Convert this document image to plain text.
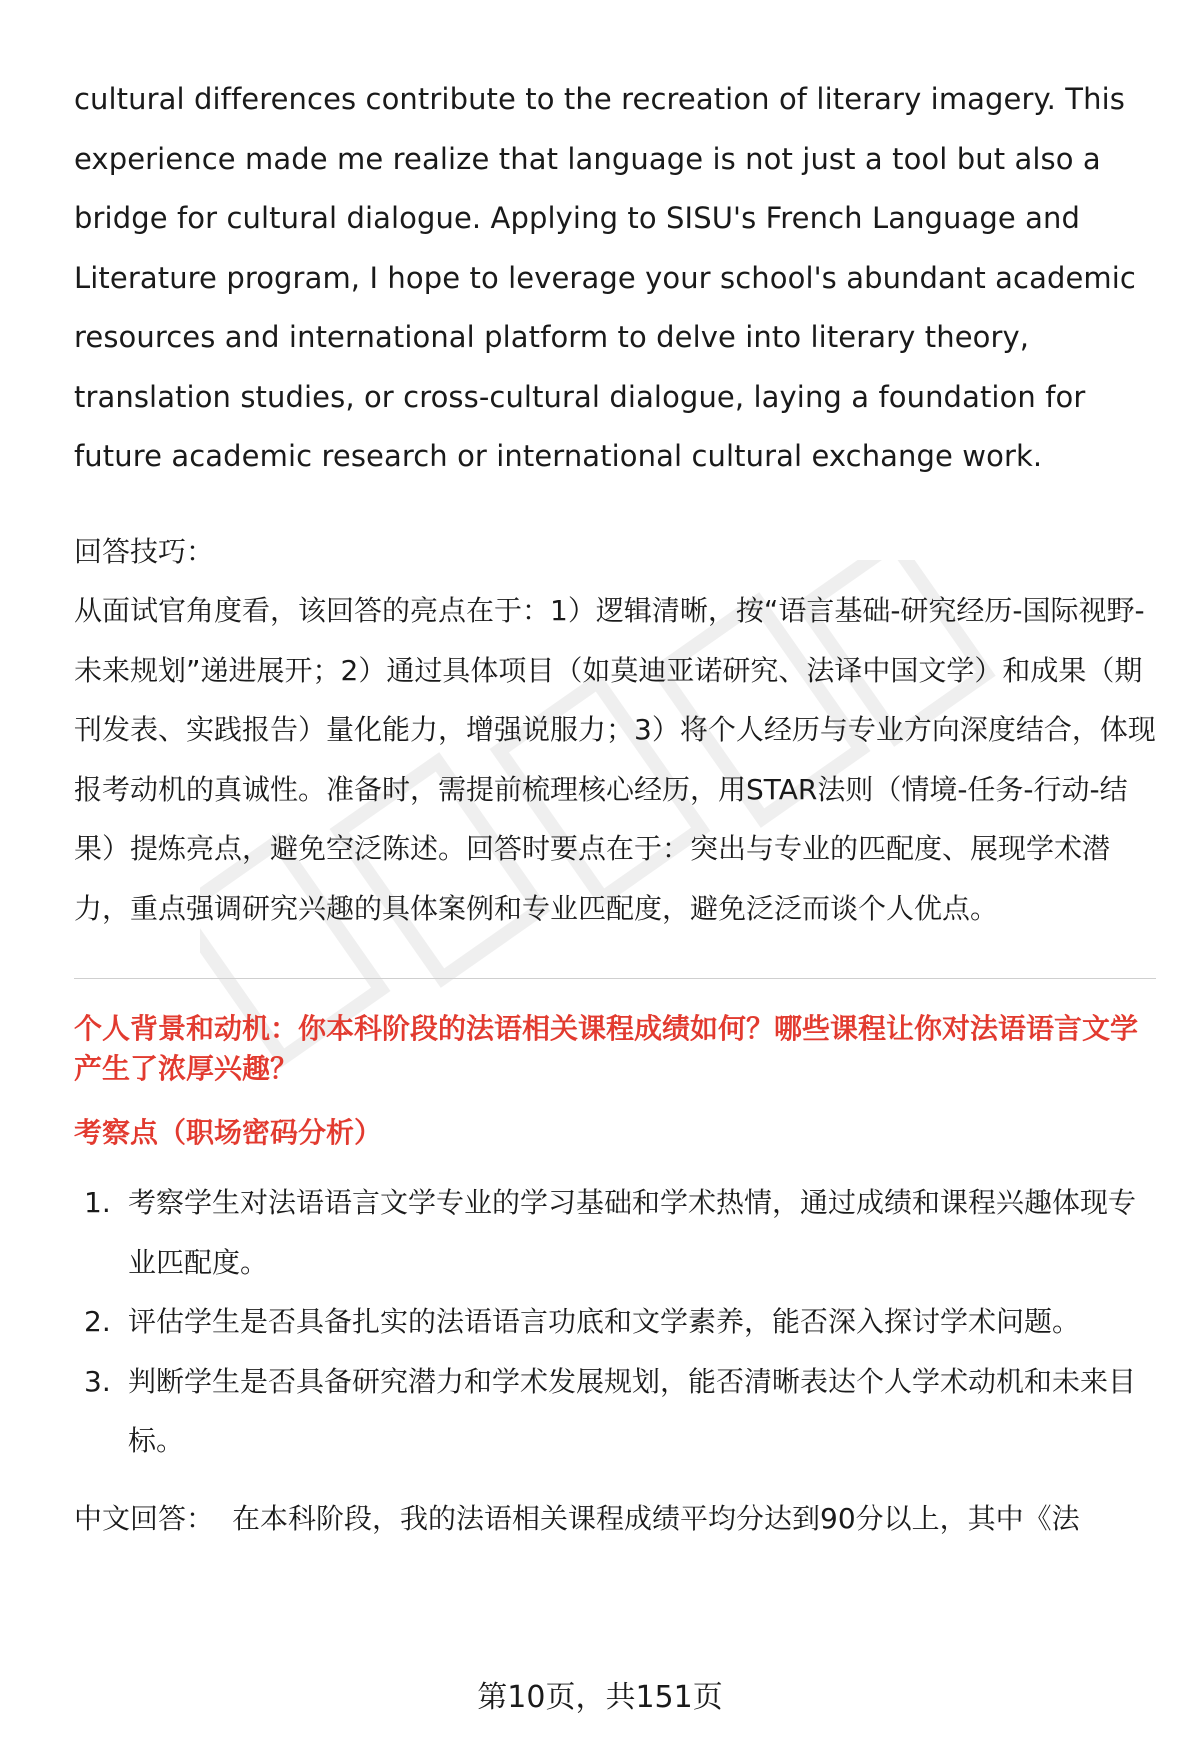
cultural differences contribute to the recreation of literary imagery. This experience made me realize that language is not just a tool but also a bridge for cultural dialogue. Applying to SISU's French Language and Literature program, I hope to leverage your school's abundant academic resources and international platform to delve into literary theory, translation studies, or cross-cultural dialogue, laying a foundation for future academic research or international cultural exchange work.

回答技巧：

从面试官角度看，该回答的亮点在于：1）逻辑清晰，按“语言基础-研究经历-国际视野-未来规划”递进展开；2）通过具体项目（如莫迪亚诺研究、法译中国文学）和成果（期刊发表、实践报告）量化能力，增强说服力；3）将个人经历与专业方向深度结合，体现报考动机的真诚性。准备时，需提前梳理核心经历，用STAR法则（情境-任务-行动-结果）提炼亮点，避免空泛陈述。回答时要点在于：突出与专业的匹配度、展现学术潜力，重点强调研究兴趣的具体案例和专业匹配度，避免泛泛而谈个人优点。

个人背景和动机：你本科阶段的法语相关课程成绩如何？哪些课程让你对法语语言文学产生了浓厚兴趣？

考察点（职场密码分析）

1. 考察学生对法语语言文学专业的学习基础和学术热情，通过成绩和课程兴趣体现专业匹配度。
2. 评估学生是否具备扎实的法语语言功底和文学素养，能否深入探讨学术问题。
3. 判断学生是否具备研究潜力和学术发展规划，能否清晰表达个人学术动机和未来目标。

中文回答： 在本科阶段，我的法语相关课程成绩平均分达到90分以上，其中《法

第10页，共151页
